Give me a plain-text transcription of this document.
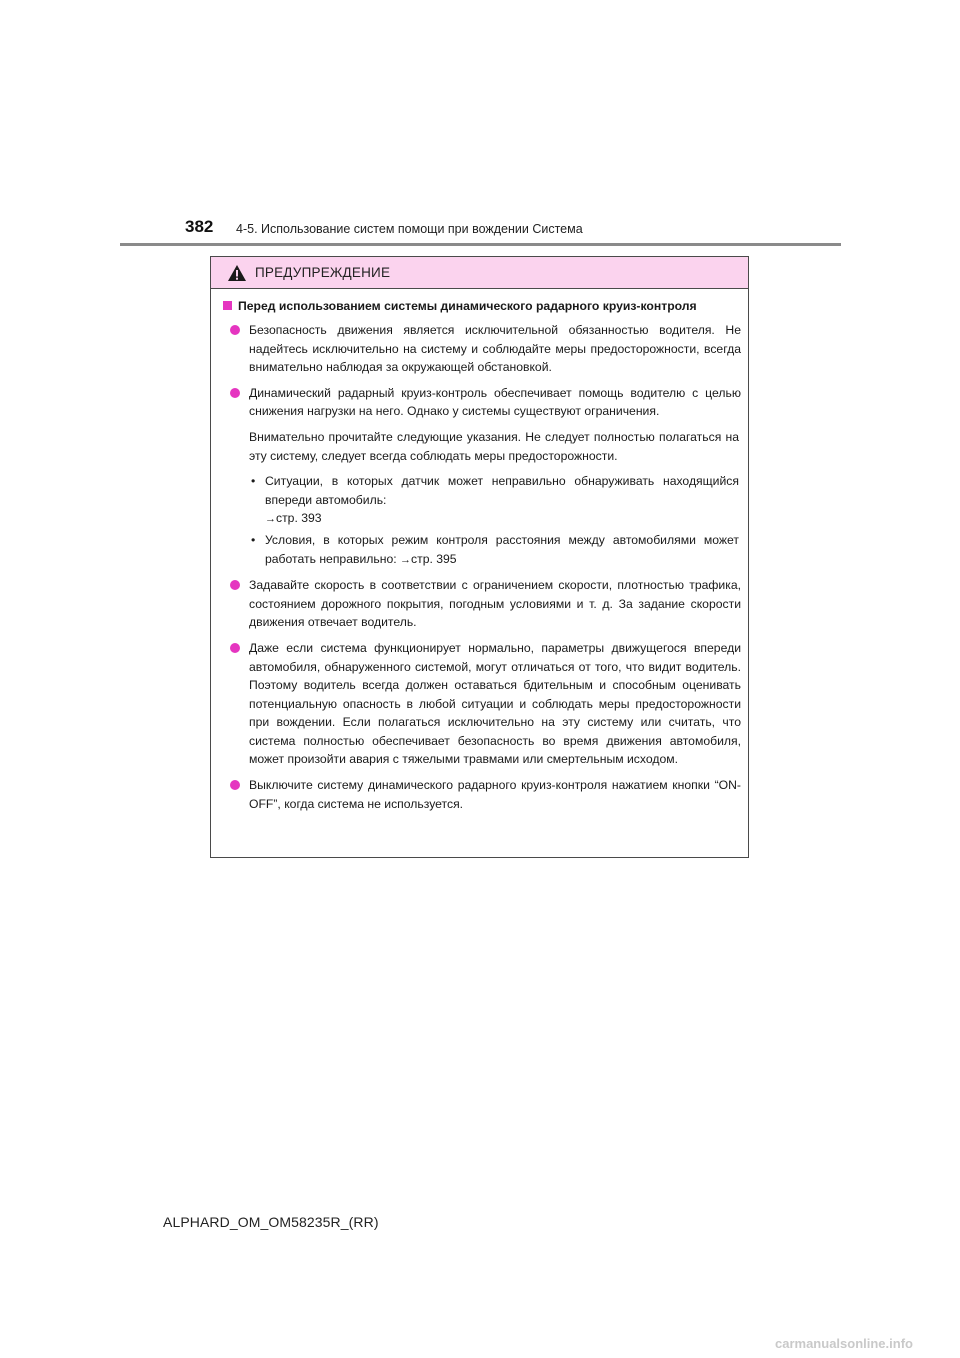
382 4-5. Использование систем помощи при вождении Система
ПРЕДУПРЕЖДЕНИЕ
Перед использованием системы динамического радарного круиз-контроля
Безопасность движения является исключительной обязанностью водителя. Не надейтесь исключительно на систему и соблюдайте меры предосторожности, всегда внимательно наблюдая за окружающей обстановкой.
Динамический радарный круиз-контроль обеспечивает помощь водителю с целью снижения нагрузки на него. Однако у системы существуют ограничения.
Внимательно прочитайте следующие указания. Не следует полностью полагаться на эту систему, следует всегда соблюдать меры предосторожности.
• Ситуации, в которых датчик может неправильно обнаруживать находящийся впереди автомобиль:
→стр. 393
• Условия, в которых режим контроля расстояния между автомобилями может работать неправильно: →стр. 395
Задавайте скорость в соответствии с ограничением скорости, плотностью трафика, состоянием дорожного покрытия, погодным условиями и т. д. За задание скорости движения отвечает водитель.
Даже если система функционирует нормально, параметры движущегося впереди автомобиля, обнаруженного системой, могут отличаться от того, что видит водитель. Поэтому водитель всегда должен оставаться бдительным и способным оценивать потенциальную опасность в любой ситуации и соблюдать меры предосторожности при вождении. Если полагаться исключительно на эту систему или считать, что система полностью обеспечивает безопасность во время движения автомобиля, может произойти авария с тяжелыми травмами или смертельным исходом.
Выключите систему динамического радарного круиз-контроля нажатием кнопки “ON-OFF”, когда система не используется.
ALPHARD_OM_OM58235R_(RR)
carmanualsonline.info
